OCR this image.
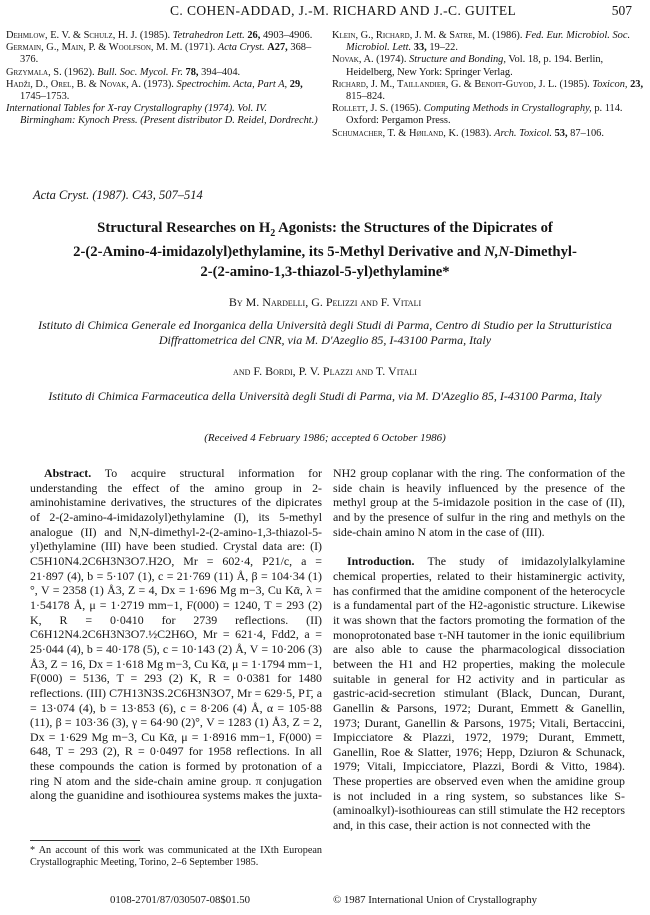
C. COHEN-ADDAD, J.-M. RICHARD AND J.-C. GUITEL	507
Dehmlow, E. V. & Schulz, H. J. (1985). Tetrahedron Lett. 26, 4903–4906.
Germain, G., Main, P. & Woolfson, M. M. (1971). Acta Cryst. A27, 368–376.
Grzymala, S. (1962). Bull. Soc. Mycol. Fr. 78, 394–404.
Hadži, D., Orel, B. & Novak, A. (1973). Spectrochim. Acta, Part A, 29, 1745–1753.
International Tables for X-ray Crystallography (1974). Vol. IV. Birmingham: Kynoch Press. (Present distributor D. Reidel, Dordrecht.)
Klein, G., Richard, J. M. & Satre, M. (1986). Fed. Eur. Microbiol. Soc. Microbiol. Lett. 33, 19–22.
Novak, A. (1974). Structure and Bonding, Vol. 18, p. 194. Berlin, Heidelberg, New York: Springer Verlag.
Richard, J. M., Taillandier, G. & Benoit-Guyod, J. L. (1985). Toxicon, 23, 815–824.
Rollett, J. S. (1965). Computing Methods in Crystallography, p. 114. Oxford: Pergamon Press.
Schumacher, T. & Høiland, K. (1983). Arch. Toxicol. 53, 87–106.
Acta Cryst. (1987). C43, 507–514
Structural Researches on $H_2$ Agonists: the Structures of the Dipicrates of
2-(2-Amino-4-imidazolyl)ethylamine, its 5-Methyl Derivative and N,N-Dimethyl-
2-(2-amino-1,3-thiazol-5-yl)ethylamine*
By M. Nardelli, G. Pelizzi and F. Vitali
Istituto di Chimica Generale ed Inorganica della Università degli Studi di Parma, Centro di Studio per la Strutturistica Diffrattometrica del CNR, via M. D'Azeglio 85, I-43100 Parma, Italy
and F. Bordi, P. V. Plazzi and T. Vitali
Istituto di Chimica Farmaceutica della Università degli Studi di Parma, via M. D'Azeglio 85, I-43100 Parma, Italy
(Received 4 February 1986; accepted 6 October 1986)

Abstract. To acquire structural information for understanding the effect of the amino group in 2-aminohistamine derivatives, the structures of the dipicrates of 2-(2-amino-4-imidazolyl)ethylamine (I), its 5-methyl analogue (II) and N,N-dimethyl-2-(2-amino-1,3-thiazol-5-yl)ethylamine (III) have been studied. Crystal data are: (I) C5H10N4.2C6H3N3O7.H2O, Mr = 602·4, P21/c, a = 21·897 (4), b = 5·107 (1), c = 21·769 (11) Å, β = 104·34 (1)°, V = 2358 (1) Å3, Z = 4, Dx = 1·696 Mg m−3, Cu Kᾱ, λ = 1·54178 Å, μ = 1·2719 mm−1, F(000) = 1240, T = 293 (2) K, R = 0·0410 for 2739 reflections. (II) C6H12N4.2C6H3N3O7.½C2H6O, Mr = 621·4, Fdd2, a = 25·044 (4), b = 40·178 (5), c = 10·143 (2) Å, V = 10·206 (3) Å3, Z = 16, Dx = 1·618 Mg m−3, Cu Kᾱ, μ = 1·1794 mm−1, F(000) = 5136, T = 293 (2) K, R = 0·0381 for 1480 reflections. (III) C7H13N3S.2C6H3N3O7, Mr = 629·5, P1̄, a = 13·074 (4), b = 13·853 (6), c = 8·206 (4) Å, α = 105·88 (11), β = 103·36 (3), γ = 64·90 (2)°, V = 1283 (1) Å3, Z = 2, Dx = 1·629 Mg m−3, Cu Kᾱ, μ = 1·8916 mm−1, F(000) = 648, T = 293 (2), R = 0·0497 for 1958 reflections. In all these compounds the cation is formed by protonation of a ring N atom and the side-chain amine group. π conjugation along the guanidine and isothiourea systems makes the juxta-

NH2 group coplanar with the ring. The conformation of the side chain is heavily influenced by the presence of the methyl group at the 5-imidazole position in the case of (II), and by the presence of sulfur in the ring and methyls on the side-chain amino N atom in the case of (III).

Introduction. The study of imidazolylalkylamine chemical properties, related to their histaminergic activity, has confirmed that the amidine component of the heterocycle is a fundamental part of the H2-agonistic structure. Likewise it was shown that the factors promoting the formation of the monoprotonated base τ-NH tautomer in the ionic equilibrium are also able to cause the pharmacological dissociation between the H1 and H2 properties, making the molecule suitable in general for H2 activity and in particular as gastric-acid-secretion stimulant (Black, Duncan, Durant, Ganellin & Parsons, 1972; Durant, Emmett & Ganellin, 1973; Durant, Ganellin & Parsons, 1975; Vitali, Bertaccini, Impicciatore & Plazzi, 1972, 1979; Durant, Emmett, Ganellin, Roe & Slatter, 1976; Hepp, Dziuron & Schunack, 1979; Vitali, Impicciatore, Plazzi, Bordi & Vitto, 1984). These properties are observed even when the amidine group is not included in a ring system, so substances like S-(aminoalkyl)-isothioureas can still stimulate the H2 receptors and, in this case, their action is not connected with the

* An account of this work was communicated at the IXth European Crystallographic Meeting, Torino, 2–6 September 1985.
0108-2701/87/030507-08$01.50	© 1987 International Union of Crystallography
